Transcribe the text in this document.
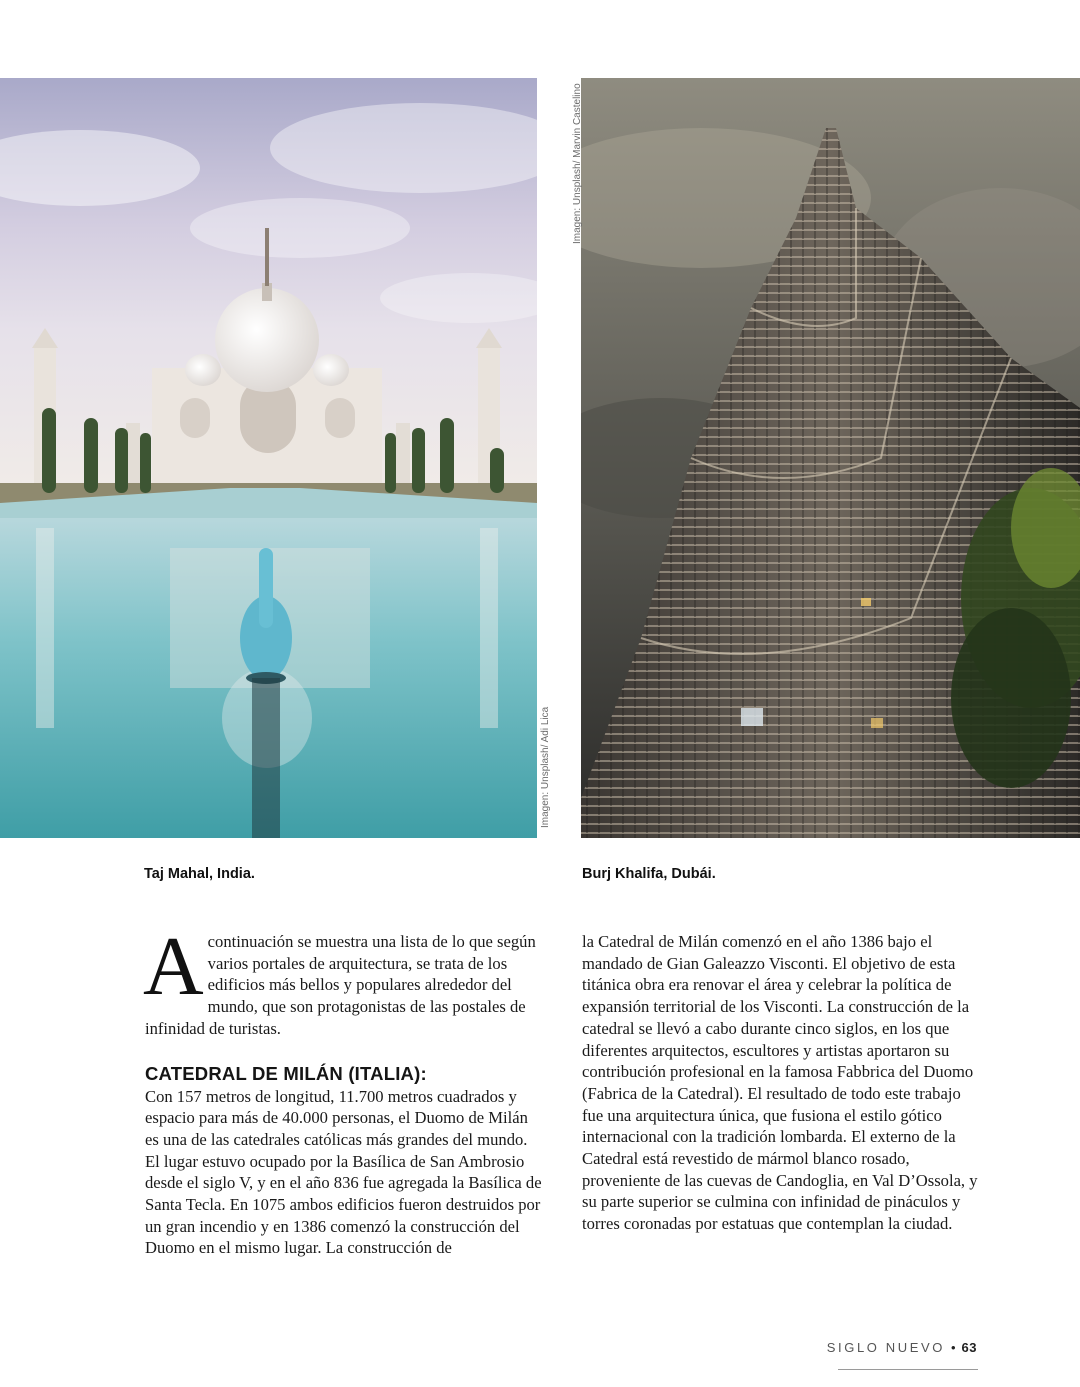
Imagen: Unsplash/ Adi Lica
Imagen: Unsplash/ Marvin Castelino
Taj Mahal, India.	Burj Khalifa, Dubái.

A continuación se muestra una lista de lo que según varios portales de arquitectura, se trata de los edificios más bellos y populares alrededor del mundo, que son protagonistas de las postales de infinidad de turistas.

CATEDRAL DE MILÁN (ITALIA):

Con 157 metros de longitud, 11.700 metros cuadrados y espacio para más de 40.000 personas, el Duomo de Milán es una de las catedrales católicas más grandes del mundo. El lugar estuvo ocupado por la Basílica de San Ambrosio desde el siglo V, y en el año 836 fue agregada la Basílica de Santa Tecla. En 1075 ambos edificios fueron destruidos por un gran incendio y en 1386 comenzó la construcción del Duomo en el mismo lugar. La construcción de

la Catedral de Milán comenzó en el año 1386 bajo el mandado de Gian Galeazzo Visconti. El objetivo de esta titánica obra era renovar el área y celebrar la política de expansión territorial de los Visconti. La construcción de la catedral se llevó a cabo durante cinco siglos, en los que diferentes arquitectos, escultores y artistas aportaron su contribución profesional en la famosa Fabbrica del Duomo (Fabrica de la Catedral). El resultado de todo este trabajo fue una arquitectura única, que fusiona el estilo gótico internacional con la tradición lombarda. El externo de la Catedral está revestido de mármol blanco rosado, proveniente de las cuevas de Candoglia, en Val D’Ossola, y su parte superior se culmina con infinidad de pináculos y torres coronadas por estatuas que contemplan la ciudad.

SIGLO NUEVO • 63
